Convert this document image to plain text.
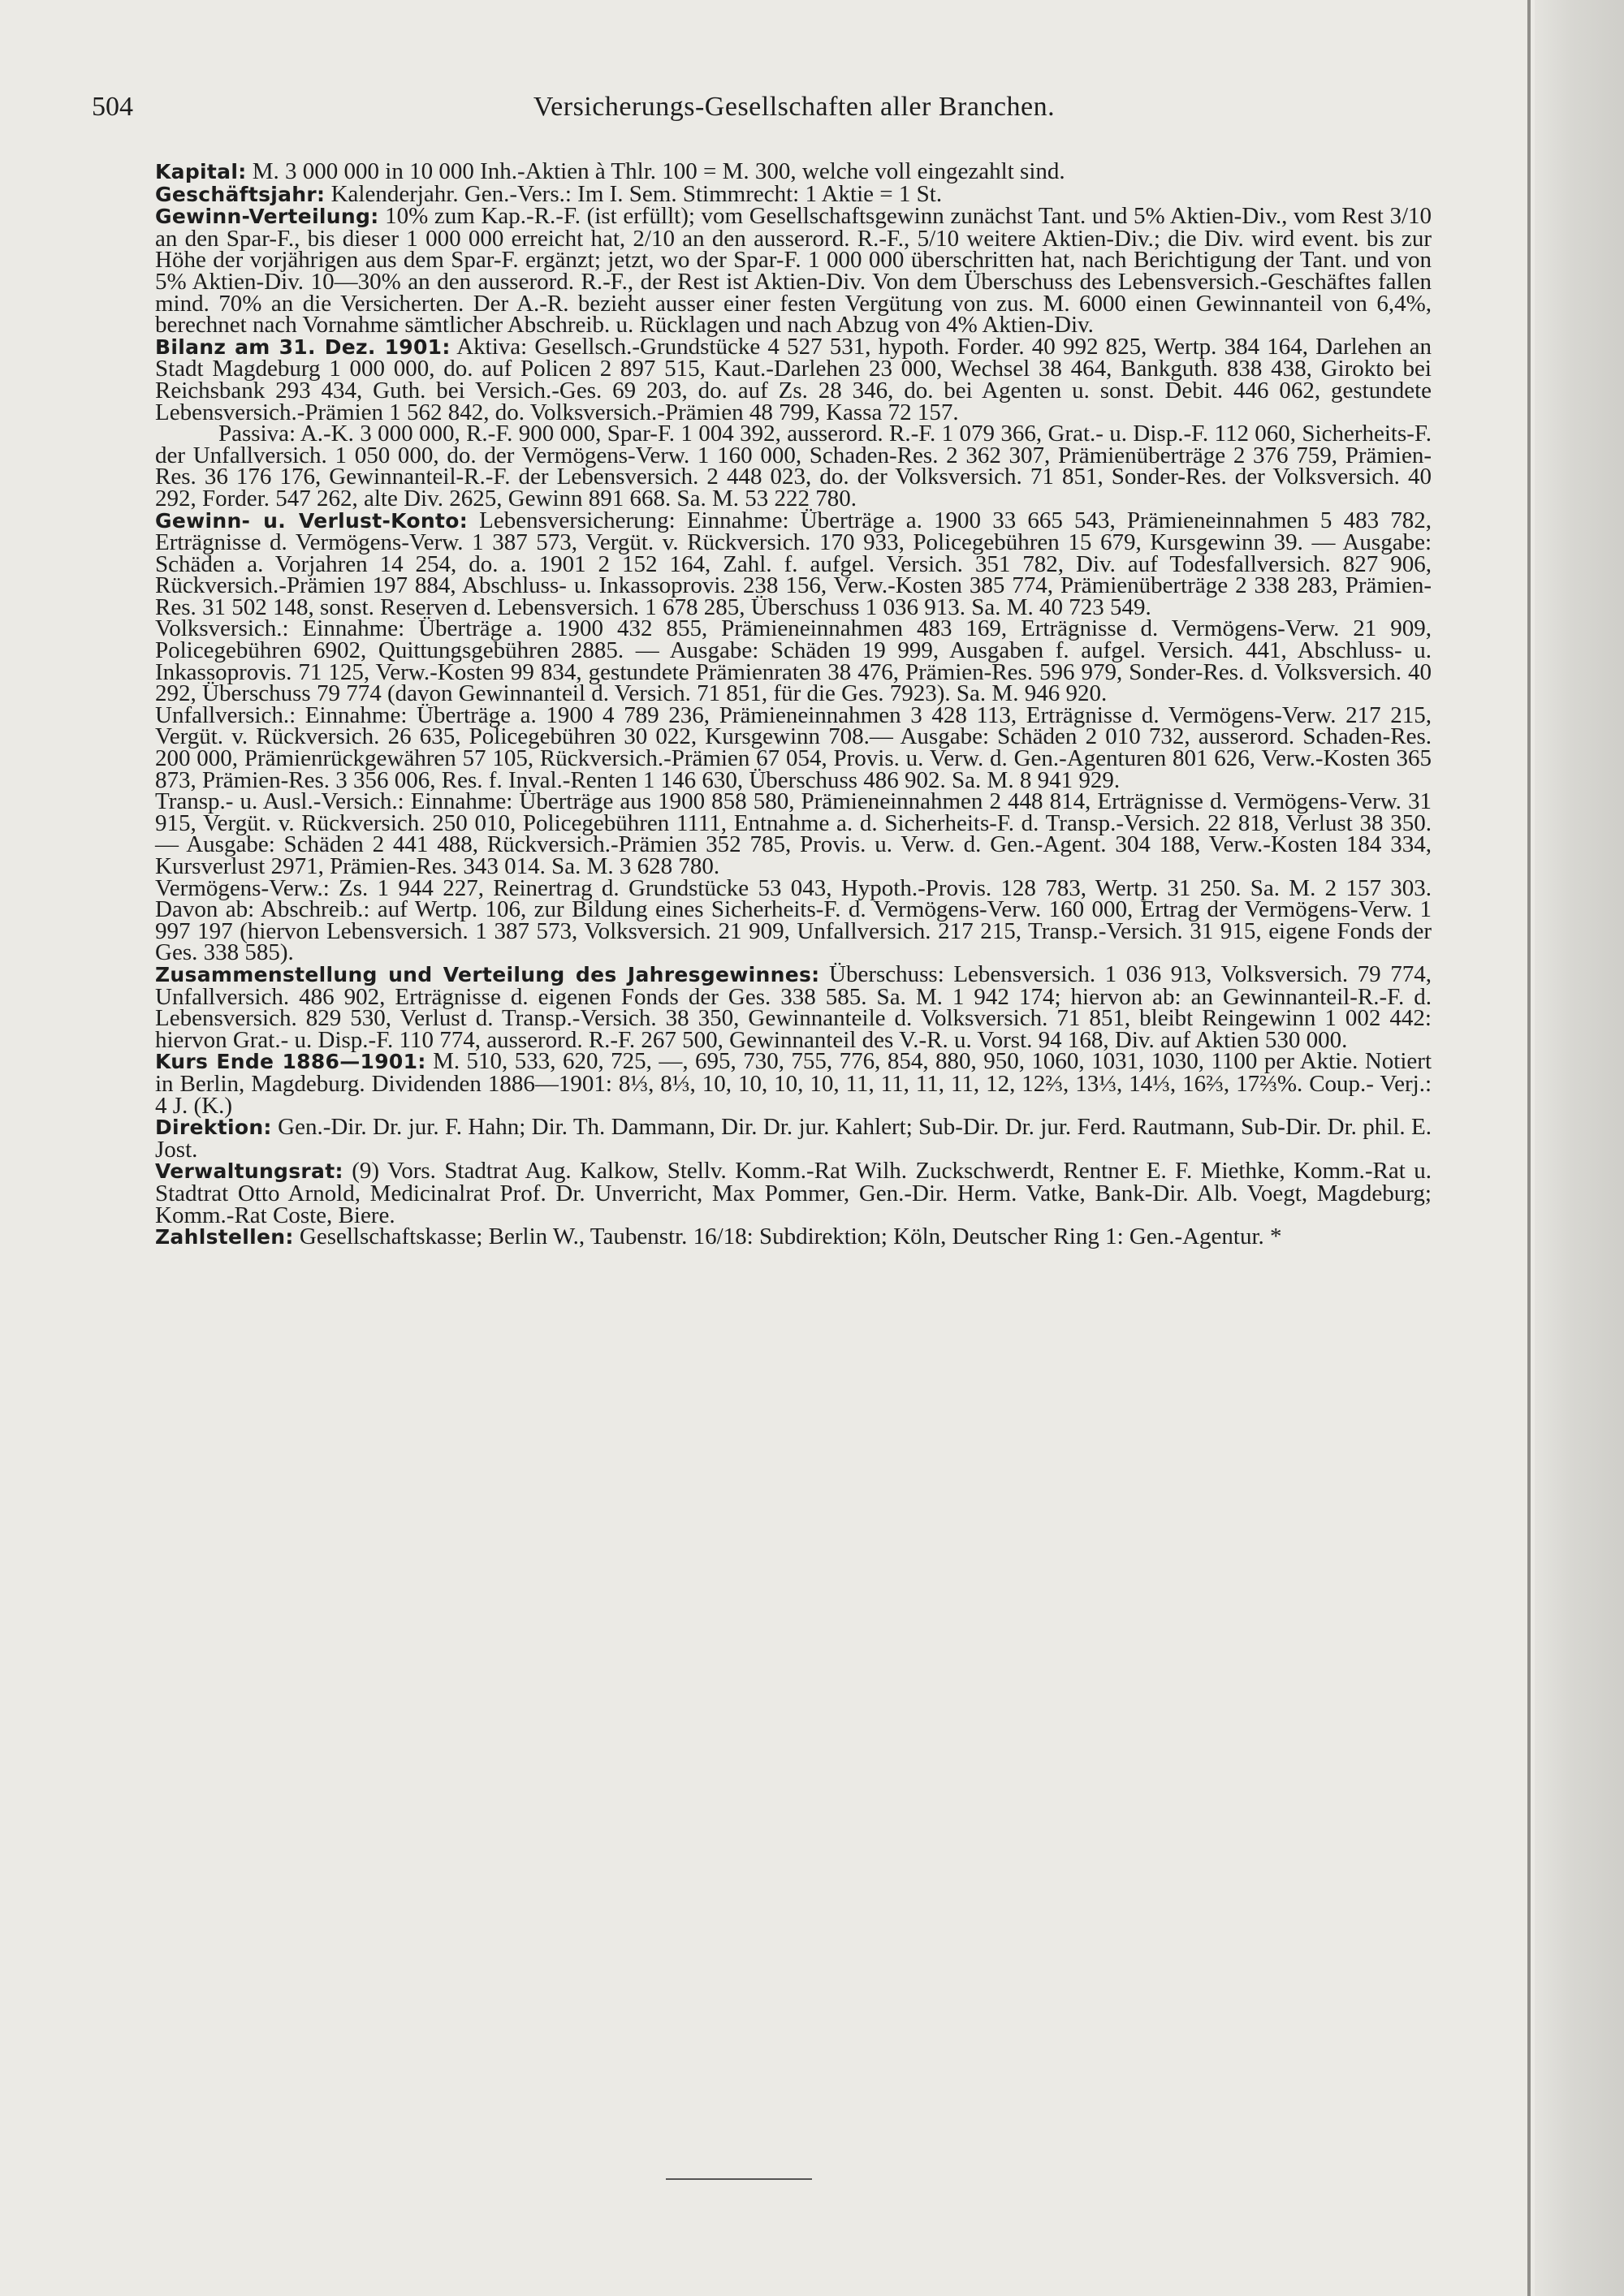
504	Versicherungs-Gesellschaften aller Branchen.

Kapital: M. 3 000 000 in 10 000 Inh.-Aktien à Thlr. 100 = M. 300, welche voll eingezahlt sind.

Geschäftsjahr: Kalenderjahr. Gen.-Vers.: Im I. Sem. Stimmrecht: 1 Aktie = 1 St.

Gewinn-Verteilung: 10% zum Kap.-R.-F. (ist erfüllt); vom Gesellschaftsgewinn zunächst Tant. und 5% Aktien-Div., vom Rest 3/10 an den Spar-F., bis dieser 1 000 000 erreicht hat, 2/10 an den ausserord. R.-F., 5/10 weitere Aktien-Div.; die Div. wird event. bis zur Höhe der vorjährigen aus dem Spar-F. ergänzt; jetzt, wo der Spar-F. 1 000 000 überschritten hat, nach Berichtigung der Tant. und von 5% Aktien-Div. 10—30% an den ausserord. R.-F., der Rest ist Aktien-Div. Von dem Überschuss des Lebensversich.-Geschäftes fallen mind. 70% an die Versicherten. Der A.-R. bezieht ausser einer festen Vergütung von zus. M. 6000 einen Gewinnanteil von 6,4%, berechnet nach Vornahme sämtlicher Abschreib. u. Rücklagen und nach Abzug von 4% Aktien-Div.

Bilanz am 31. Dez. 1901: Aktiva: Gesellsch.-Grundstücke 4 527 531, hypoth. Forder. 40 992 825, Wertp. 384 164, Darlehen an Stadt Magdeburg 1 000 000, do. auf Policen 2 897 515, Kaut.-Darlehen 23 000, Wechsel 38 464, Bankguth. 838 438, Girokto bei Reichsbank 293 434, Guth. bei Versich.-Ges. 69 203, do. auf Zs. 28 346, do. bei Agenten u. sonst. Debit. 446 062, gestundete Lebensversich.-Prämien 1 562 842, do. Volksversich.-Prämien 48 799, Kassa 72 157.

Passiva: A.-K. 3 000 000, R.-F. 900 000, Spar-F. 1 004 392, ausserord. R.-F. 1 079 366, Grat.- u. Disp.-F. 112 060, Sicherheits-F. der Unfallversich. 1 050 000, do. der Vermögens-Verw. 1 160 000, Schaden-Res. 2 362 307, Prämienüberträge 2 376 759, Prämien-Res. 36 176 176, Gewinnanteil-R.-F. der Lebensversich. 2 448 023, do. der Volksversich. 71 851, Sonder-Res. der Volksversich. 40 292, Forder. 547 262, alte Div. 2625, Gewinn 891 668. Sa. M. 53 222 780.

Gewinn- u. Verlust-Konto: Lebensversicherung: Einnahme: Überträge a. 1900 33 665 543, Prämieneinnahmen 5 483 782, Erträgnisse d. Vermögens-Verw. 1 387 573, Vergüt. v. Rückversich. 170 933, Policegebühren 15 679, Kursgewinn 39. — Ausgabe: Schäden a. Vorjahren 14 254, do. a. 1901 2 152 164, Zahl. f. aufgel. Versich. 351 782, Div. auf Todesfallversich. 827 906, Rückversich.-Prämien 197 884, Abschluss- u. Inkassoprovis. 238 156, Verw.-Kosten 385 774, Prämienüberträge 2 338 283, Prämien-Res. 31 502 148, sonst. Reserven d. Lebensversich. 1 678 285, Überschuss 1 036 913. Sa. M. 40 723 549.

Volksversich.: Einnahme: Überträge a. 1900 432 855, Prämieneinnahmen 483 169, Erträgnisse d. Vermögens-Verw. 21 909, Policegebühren 6902, Quittungsgebühren 2885. — Ausgabe: Schäden 19 999, Ausgaben f. aufgel. Versich. 441, Abschluss- u. Inkassoprovis. 71 125, Verw.-Kosten 99 834, gestundete Prämienraten 38 476, Prämien-Res. 596 979, Sonder-Res. d. Volksversich. 40 292, Überschuss 79 774 (davon Gewinnanteil d. Versich. 71 851, für die Ges. 7923). Sa. M. 946 920.

Unfallversich.: Einnahme: Überträge a. 1900 4 789 236, Prämieneinnahmen 3 428 113, Erträgnisse d. Vermögens-Verw. 217 215, Vergüt. v. Rückversich. 26 635, Policegebühren 30 022, Kursgewinn 708.— Ausgabe: Schäden 2 010 732, ausserord. Schaden-Res. 200 000, Prämienrückgewähren 57 105, Rückversich.-Prämien 67 054, Provis. u. Verw. d. Gen.-Agenturen 801 626, Verw.-Kosten 365 873, Prämien-Res. 3 356 006, Res. f. Inval.-Renten 1 146 630, Überschuss 486 902. Sa. M. 8 941 929.

Transp.- u. Ausl.-Versich.: Einnahme: Überträge aus 1900 858 580, Prämieneinnahmen 2 448 814, Erträgnisse d. Vermögens-Verw. 31 915, Vergüt. v. Rückversich. 250 010, Policegebühren 1111, Entnahme a. d. Sicherheits-F. d. Transp.-Versich. 22 818, Verlust 38 350. — Ausgabe: Schäden 2 441 488, Rückversich.-Prämien 352 785, Provis. u. Verw. d. Gen.-Agent. 304 188, Verw.-Kosten 184 334, Kursverlust 2971, Prämien-Res. 343 014. Sa. M. 3 628 780.

Vermögens-Verw.: Zs. 1 944 227, Reinertrag d. Grundstücke 53 043, Hypoth.-Provis. 128 783, Wertp. 31 250. Sa. M. 2 157 303. Davon ab: Abschreib.: auf Wertp. 106, zur Bildung eines Sicherheits-F. d. Vermögens-Verw. 160 000, Ertrag der Vermögens-Verw. 1 997 197 (hiervon Lebensversich. 1 387 573, Volksversich. 21 909, Unfallversich. 217 215, Transp.-Versich. 31 915, eigene Fonds der Ges. 338 585).

Zusammenstellung und Verteilung des Jahresgewinnes: Überschuss: Lebensversich. 1 036 913, Volksversich. 79 774, Unfallversich. 486 902, Erträgnisse d. eigenen Fonds der Ges. 338 585. Sa. M. 1 942 174; hiervon ab: an Gewinnanteil-R.-F. d. Lebensversich. 829 530, Verlust d. Transp.-Versich. 38 350, Gewinnanteile d. Volksversich. 71 851, bleibt Reingewinn 1 002 442: hiervon Grat.- u. Disp.-F. 110 774, ausserord. R.-F. 267 500, Gewinnanteil des V.-R. u. Vorst. 94 168, Div. auf Aktien 530 000.

Kurs Ende 1886—1901: M. 510, 533, 620, 725, —, 695, 730, 755, 776, 854, 880, 950, 1060, 1031, 1030, 1100 per Aktie. Notiert in Berlin, Magdeburg. Dividenden 1886—1901: 8⅓, 8⅓, 10, 10, 10, 10, 11, 11, 11, 11, 12, 12⅔, 13⅓, 14⅓, 16⅔, 17⅔%. Coup.- Verj.: 4 J. (K.)

Direktion: Gen.-Dir. Dr. jur. F. Hahn; Dir. Th. Dammann, Dir. Dr. jur. Kahlert; Sub-Dir. Dr. jur. Ferd. Rautmann, Sub-Dir. Dr. phil. E. Jost.

Verwaltungsrat: (9) Vors. Stadtrat Aug. Kalkow, Stellv. Komm.-Rat Wilh. Zuckschwerdt, Rentner E. F. Miethke, Komm.-Rat u. Stadtrat Otto Arnold, Medicinalrat Prof. Dr. Unverricht, Max Pommer, Gen.-Dir. Herm. Vatke, Bank-Dir. Alb. Voegt, Magdeburg; Komm.-Rat Coste, Biere.

Zahlstellen: Gesellschaftskasse; Berlin W., Taubenstr. 16/18: Subdirektion; Köln, Deutscher Ring 1: Gen.-Agentur. *
